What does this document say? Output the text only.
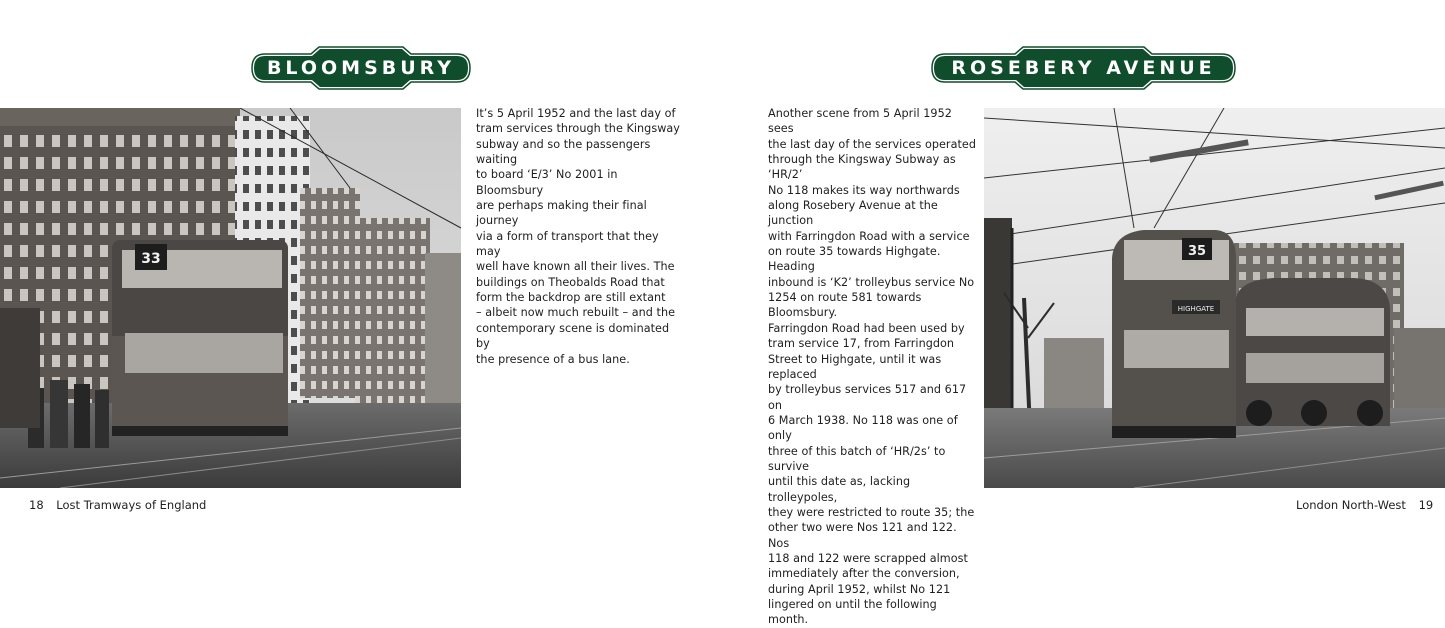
BLOOMSBURY
33

It’s 5 April 1952 and the last day of
tram services through the Kingsway
subway and so the passengers waiting
to board ‘E/3’ No 2001 in Bloomsbury
are perhaps making their final journey
via a form of transport that they may
well have known all their lives. The
buildings on Theobalds Road that
form the backdrop are still extant
– albeit now much rebuilt – and the
contemporary scene is dominated by
the presence of a bus lane.

18 Lost Tramways of England
ROSEBERY AVENUE

Another scene from 5 April 1952 sees
the last day of the services operated
through the Kingsway Subway as ‘HR/2’
No 118 makes its way northwards
along Rosebery Avenue at the junction
with Farringdon Road with a service
on route 35 towards Highgate. Heading
inbound is ‘K2’ trolleybus service No
1254 on route 581 towards Bloomsbury.
Farringdon Road had been used by
tram service 17, from Farringdon
Street to Highgate, until it was replaced
by trolleybus services 517 and 617 on
6 March 1938. No 118 was one of only
three of this batch of ‘HR/2s’ to survive
until this date as, lacking trolleypoles,
they were restricted to route 35; the
other two were Nos 121 and 122. Nos
118 and 122 were scrapped almost
immediately after the conversion,
during April 1952, whilst No 121
lingered on until the following month.

35
HIGHGATE
London North-West 19
